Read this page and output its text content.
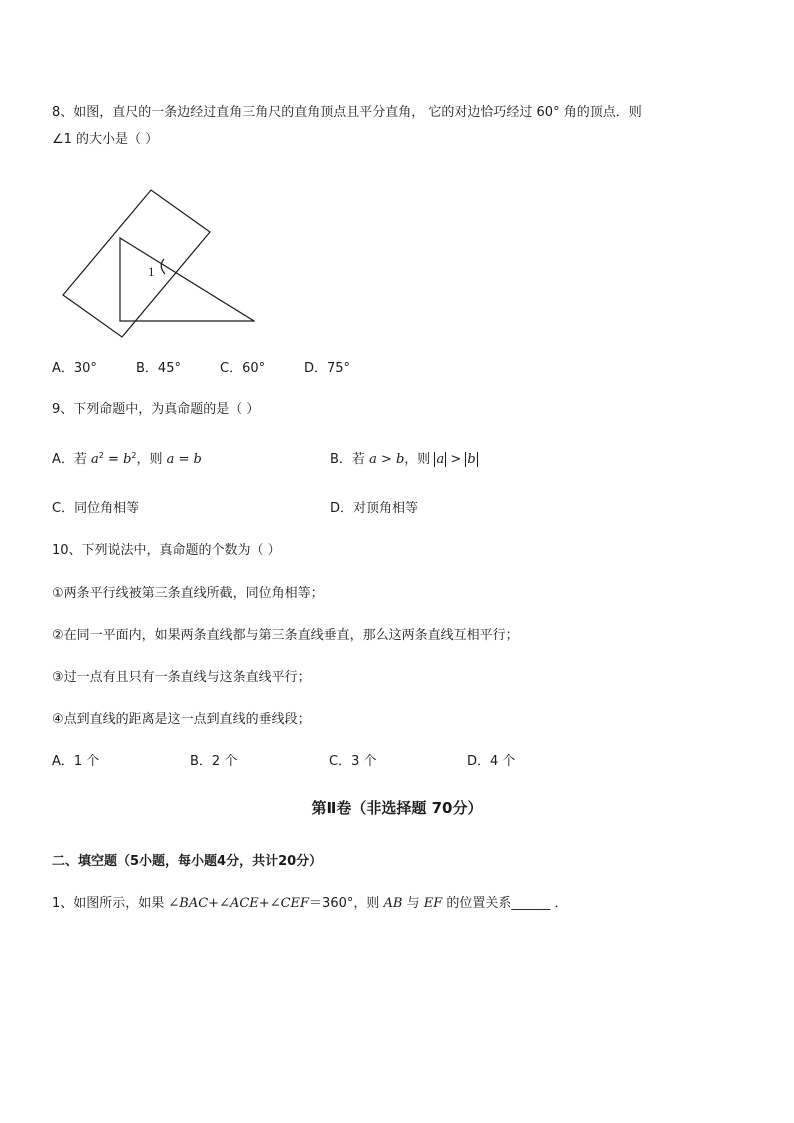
8、如图，直尺的一条边经过直角三角尺的直角顶点且平分直角， 它的对边恰巧经过 60° 角的顶点．则
∠1 的大小是（ ）
1
A．30°	B．45°	C．60°	D．75°
9、下列命题中，为真命题的是（ ）
A．若 $a^2 = b^2$，则 a = b	B．若 a > b，则 a > b
C．同位角相等	D．对顶角相等
10、下列说法中，真命题的个数为（ ）
①两条平行线被第三条直线所截，同位角相等；
②在同一平面内，如果两条直线都与第三条直线垂直，那么这两条直线互相平行；
③过一点有且只有一条直线与这条直线平行；
④点到直线的距离是这一点到直线的垂线段；
A．1 个	B．2 个	C．3 个	D．4 个
第Ⅱ卷（非选择题 70分）
二、填空题（5小题，每小题4分，共计20分）
1、如图所示，如果 ∠BAC+∠ACE+∠CEF＝360°，则 AB 与 EF 的位置关系______ ．
